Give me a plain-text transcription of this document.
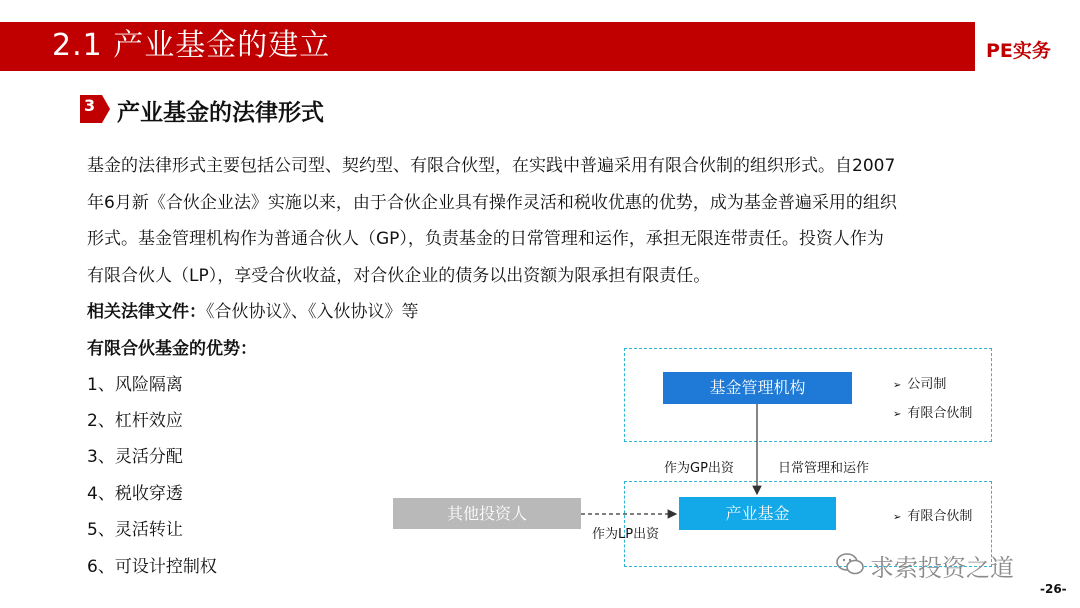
2.1 产业基金的建立	PE实务
3 产业基金的法律形式
基金的法律形式主要包括公司型、契约型、有限合伙型，在实践中普遍采用有限合伙制的组织形式。自2007
年6月新《合伙企业法》实施以来，由于合伙企业具有操作灵活和税收优惠的优势，成为基金普遍采用的组织
形式。基金管理机构作为普通合伙人（GP），负责基金的日常管理和运作，承担无限连带责任。投资人作为
有限合伙人（LP），享受合伙收益，对合伙企业的债务以出资额为限承担有限责任。
相关法律文件：《合伙协议》、《入伙协议》等
有限合伙基金的优势：
1、风险隔离
2、杠杆效应
3、灵活分配
4、税收穿透
5、灵活转让
6、可设计控制权
基金管理机构
产业基金
其他投资人
作为GP出资	日常管理和运作
作为LP出资
➢ 公司制
➢ 有限合伙制
➢ 有限合伙制
求索投资之道
-26-
